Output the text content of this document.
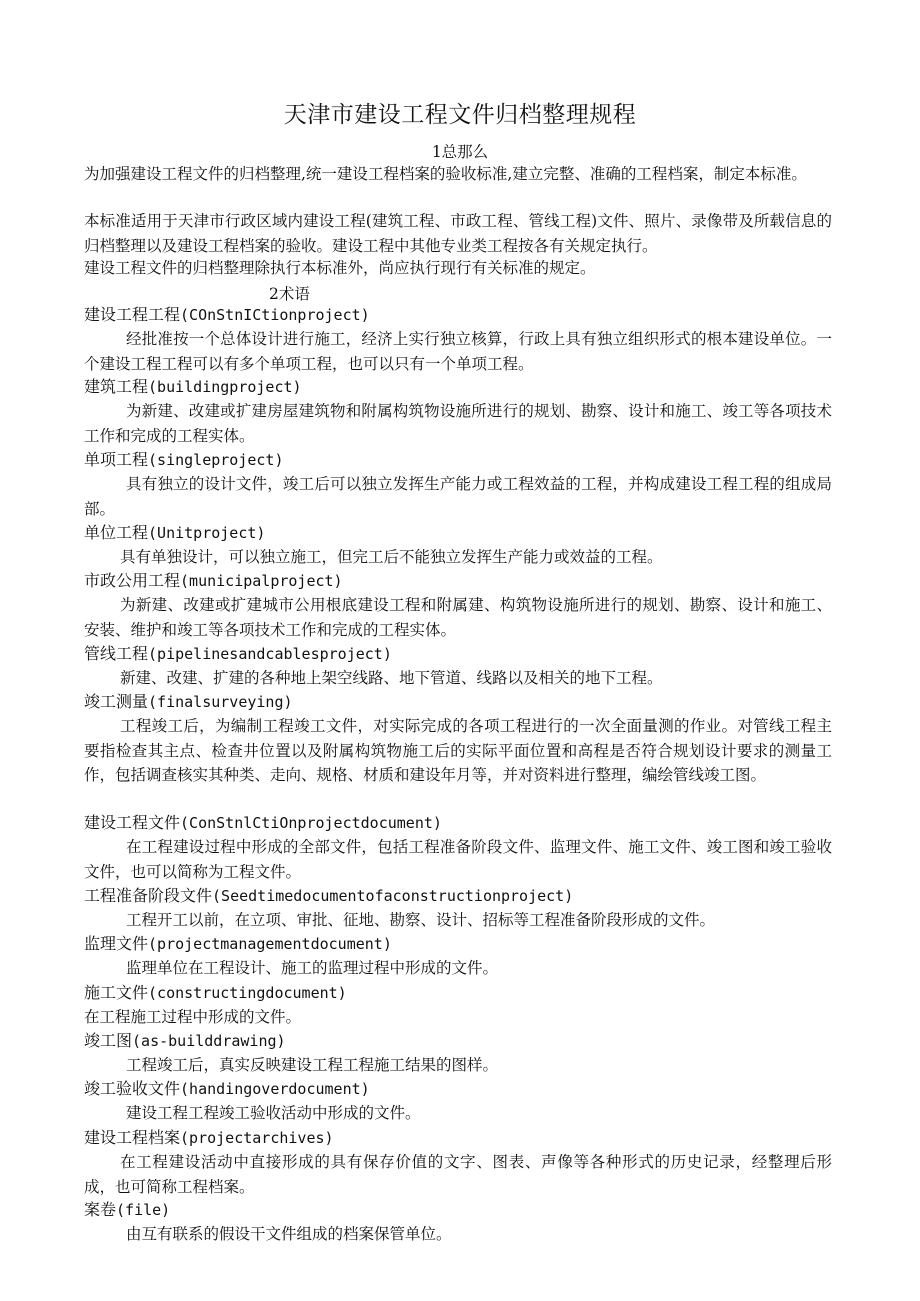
天津市建设工程文件归档整理规程
1总那么
为加强建设工程文件的归档整理,统一建设工程档案的验收标准,建立完整、准确的工程档案，制定本标准。
本标准适用于天津市行政区域内建设工程(建筑工程、市政工程、管线工程)文件、照片、录像带及所载信息的归档整理以及建设工程档案的验收。建设工程中其他专业类工程按各有关规定执行。
建设工程文件的归档整理除执行本标准外，尚应执行现行有关标准的规定。
2术语
建设工程工程(COnStnICtionproject)
经批准按一个总体设计进行施工，经济上实行独立核算，行政上具有独立组织形式的根本建设单位。一个建设工程工程可以有多个单项工程，也可以只有一个单项工程。
建筑工程(buildingproject)
为新建、改建或扩建房屋建筑物和附属构筑物设施所进行的规划、勘察、设计和施工、竣工等各项技术工作和完成的工程实体。
单项工程(singleproject)
具有独立的设计文件，竣工后可以独立发挥生产能力或工程效益的工程，并构成建设工程工程的组成局部。
单位工程(Unitproject)
具有单独设计，可以独立施工，但完工后不能独立发挥生产能力或效益的工程。
市政公用工程(municipalproject)
为新建、改建或扩建城市公用根底建设工程和附属建、构筑物设施所进行的规划、勘察、设计和施工、安装、维护和竣工等各项技术工作和完成的工程实体。
管线工程(pipelinesandcablesproject)
新建、改建、扩建的各种地上架空线路、地下管道、线路以及相关的地下工程。
竣工测量(finalsurveying)
工程竣工后，为编制工程竣工文件，对实际完成的各项工程进行的一次全面量测的作业。对管线工程主要指检查其主点、检查井位置以及附属构筑物施工后的实际平面位置和高程是否符合规划设计要求的测量工作，包括调查核实其种类、走向、规格、材质和建设年月等，并对资料进行整理，编绘管线竣工图。
建设工程文件(ConStnlCtiOnprojectdocument)
在工程建设过程中形成的全部文件，包括工程准备阶段文件、监理文件、施工文件、竣工图和竣工验收文件，也可以简称为工程文件。
工程准备阶段文件(Seedtimedocumentofaconstructionproject)
工程开工以前，在立项、审批、征地、勘察、设计、招标等工程准备阶段形成的文件。
监理文件(projectmanagementdocument)
监理单位在工程设计、施工的监理过程中形成的文件。
施工文件(constructingdocument)
在工程施工过程中形成的文件。
竣工图(as-builddrawing)
工程竣工后，真实反映建设工程工程施工结果的图样。
竣工验收文件(handingoverdocument)
建设工程工程竣工验收活动中形成的文件。
建设工程档案(projectarchives)
在工程建设活动中直接形成的具有保存价值的文字、图表、声像等各种形式的历史记录，经整理后形成，也可简称工程档案。
案卷(file)
由互有联系的假设干文件组成的档案保管单位。
